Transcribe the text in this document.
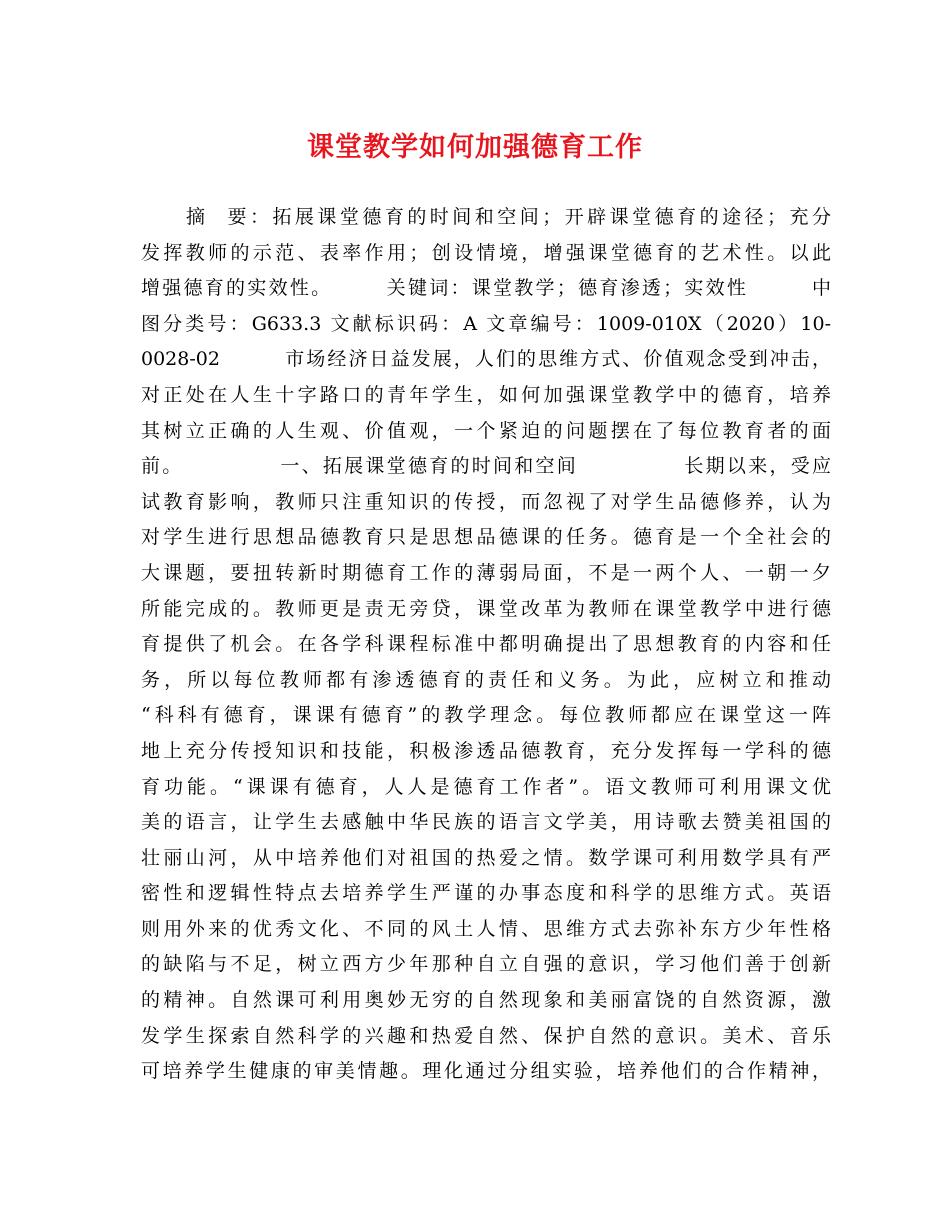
课堂教学如何加强德育工作
　　摘  要：拓展课堂德育的时间和空间；开辟课堂德育的途径；充分
发挥教师的示范、表率作用；创设情境，增强课堂德育的艺术性。以此
增强德育的实效性。　　　关键词：课堂教学；德育渗透；实效性　　　中
图分类号：G633.3 文献标识码：A 文章编号：1009-010X（2020）10-
0028-02　　　市场经济日益发展，人们的思维方式、价值观念受到冲击，
对正处在人生十字路口的青年学生，如何加强课堂教学中的德育，培养
其树立正确的人生观、价值观，一个紧迫的问题摆在了每位教育者的面
前。　　　　　一、拓展课堂德育的时间和空间　　　　　长期以来，受应
试教育影响，教师只注重知识的传授，而忽视了对学生品德修养，认为
对学生进行思想品德教育只是思想品德课的任务。德育是一个全社会的
大课题，要扭转新时期德育工作的薄弱局面，不是一两个人、一朝一夕
所能完成的。教师更是责无旁贷，课堂改革为教师在课堂教学中进行德
育提供了机会。在各学科课程标准中都明确提出了思想教育的内容和任
务，所以每位教师都有渗透德育的责任和义务。为此，应树立和推动
“科科有德育，课课有德育”的教学理念。每位教师都应在课堂这一阵
地上充分传授知识和技能，积极渗透品德教育，充分发挥每一学科的德
育功能。“课课有德育，人人是德育工作者”。语文教师可利用课文优
美的语言，让学生去感触中华民族的语言文学美，用诗歌去赞美祖国的
壮丽山河，从中培养他们对祖国的热爱之情。数学课可利用数学具有严
密性和逻辑性特点去培养学生严谨的办事态度和科学的思维方式。英语
则用外来的优秀文化、不同的风土人情、思维方式去弥补东方少年性格
的缺陷与不足，树立西方少年那种自立自强的意识，学习他们善于创新
的精神。自然课可利用奥妙无穷的自然现象和美丽富饶的自然资源，激
发学生探索自然科学的兴趣和热爱自然、保护自然的意识。美术、音乐
可培养学生健康的审美情趣。理化通过分组实验，培养他们的合作精神，
